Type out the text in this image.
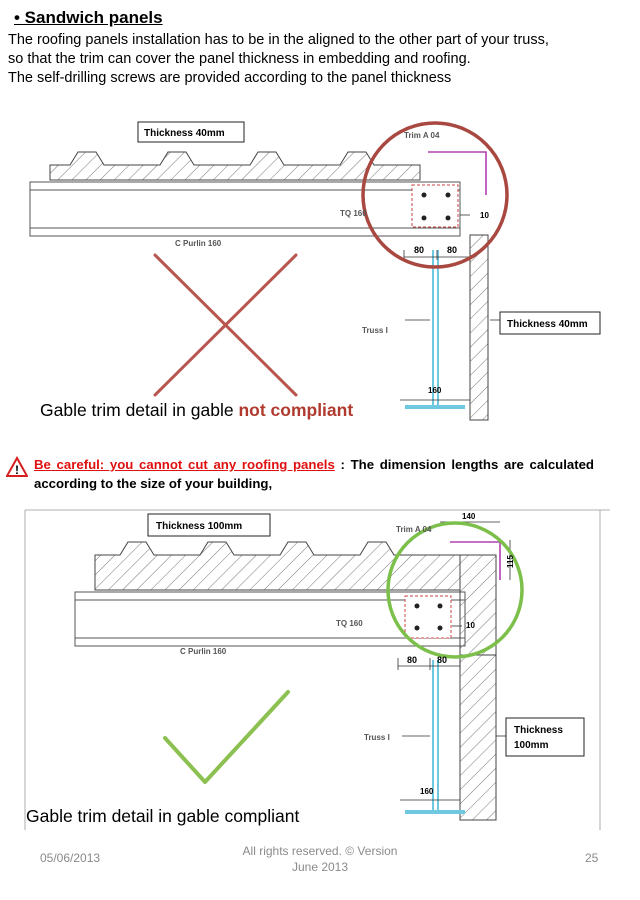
• Sandwich panels

The roofing panels installation has to be in the aligned to the other part of your truss,

so that the trim can cover the panel thickness in embedding and roofing.

The self-drilling screws are provided according to the panel thickness

Thickness 40mm	Trim A 04
TQ 160
C Purlin 160
80	80
10
Truss I
Thickness 40mm
160
Gable trim detail in gable not compliant
! Be careful: you cannot cut any roofing panels : The dimension lengths are calculated according to the size of your building,
Thickness 100mm	Trim A 04
140
115
TQ 160
C Purlin 160
80 80
10
Truss I
Thickness
100mm
160
Gable trim detail in gable compliant
05/06/2013	All rights reserved. © Version
June 2013
25
